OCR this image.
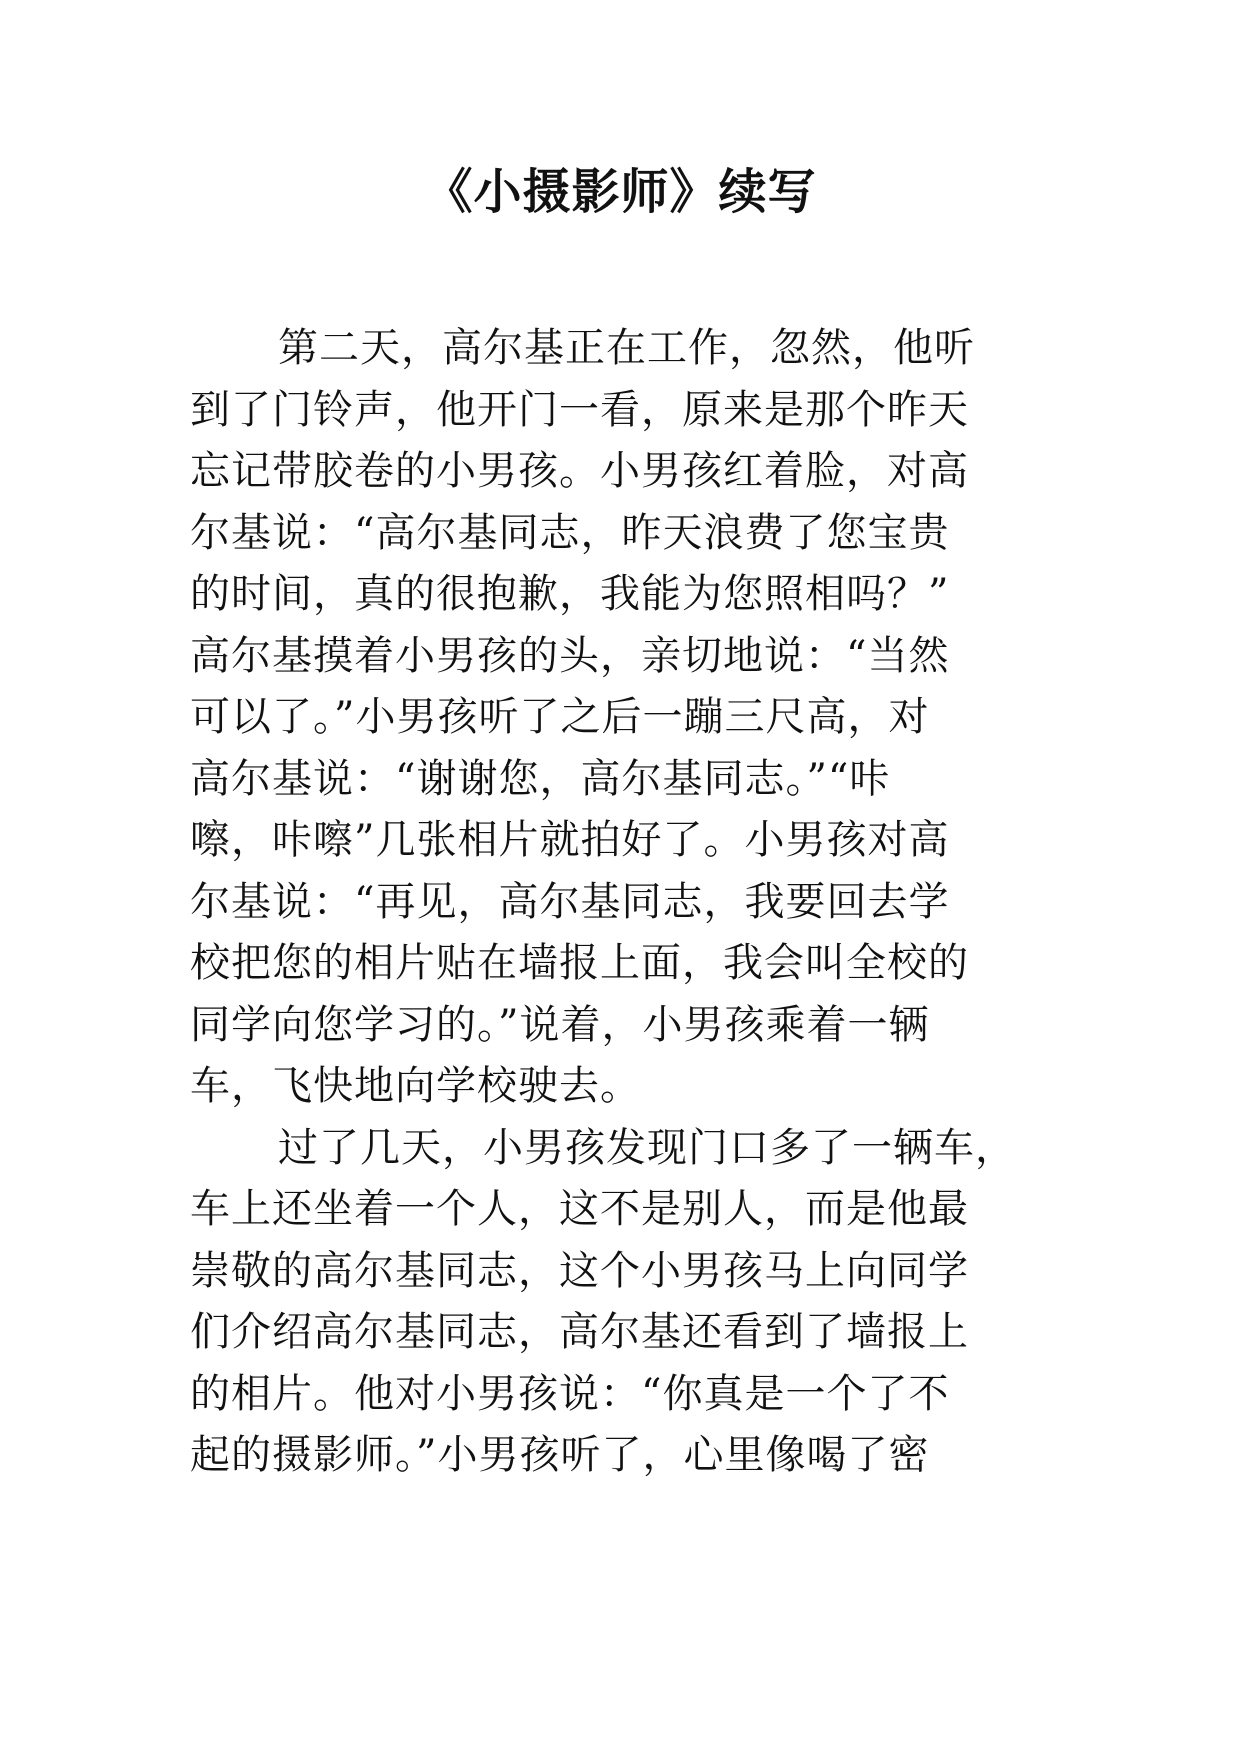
《小摄影师》续写
第二天，高尔基正在工作，忽然，他听
到了门铃声，他开门一看，原来是那个昨天
忘记带胶卷的小男孩。小男孩红着脸，对高
尔基说：“高尔基同志，昨天浪费了您宝贵
的时间，真的很抱歉，我能为您照相吗？”
高尔基摸着小男孩的头，亲切地说：“当然
可以了。”小男孩听了之后一蹦三尺高，对
高尔基说：“谢谢您，高尔基同志。”“咔
嚓，咔嚓”几张相片就拍好了。小男孩对高
尔基说：“再见，高尔基同志，我要回去学
校把您的相片贴在墙报上面，我会叫全校的
同学向您学习的。”说着，小男孩乘着一辆
车，飞快地向学校驶去。
过了几天，小男孩发现门口多了一辆车，
车上还坐着一个人，这不是别人，而是他最
崇敬的高尔基同志，这个小男孩马上向同学
们介绍高尔基同志，高尔基还看到了墙报上
的相片。他对小男孩说：“你真是一个了不
起的摄影师。”小男孩听了，心里像喝了密
